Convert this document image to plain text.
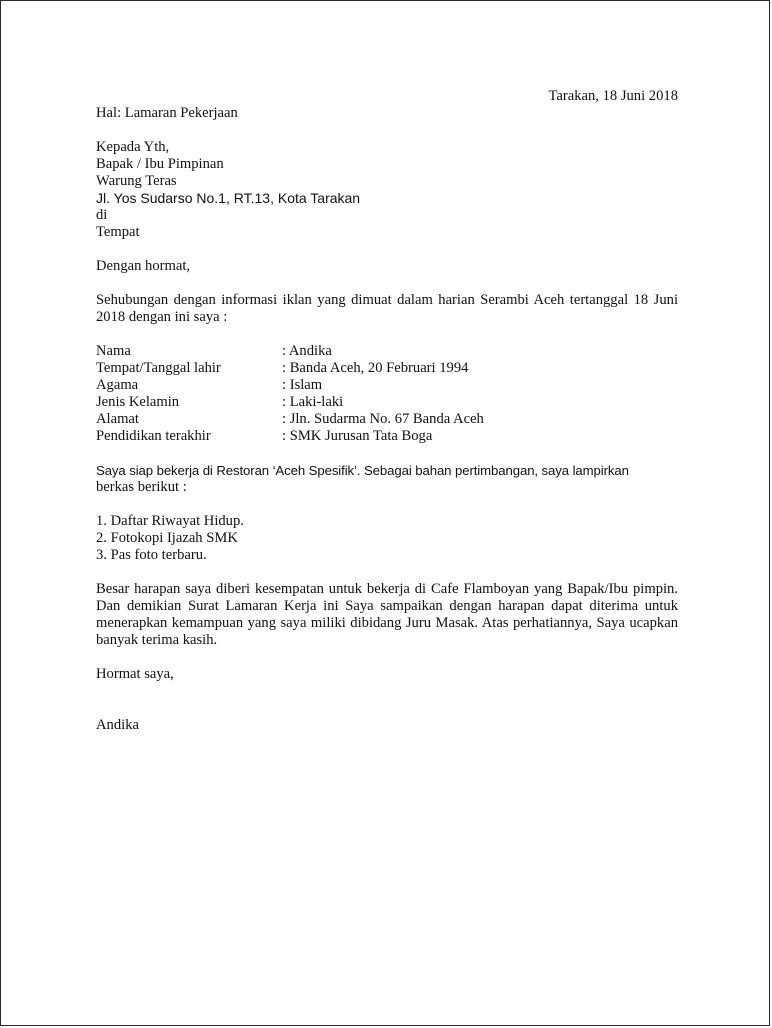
Tarakan, 18 Juni 2018

Hal: Lamaran Pekerjaan

Kepada Yth,

Bapak / Ibu Pimpinan

Warung Teras

Jl. Yos Sudarso No.1, RT.13, Kota Tarakan

di

Tempat

Dengan hormat,

Sehubungan dengan informasi iklan yang dimuat dalam harian Serambi Aceh tertanggal 18 Juni 2018 dengan ini saya :

Nama	: Andika
Tempat/Tanggal lahir	: Banda Aceh, 20 Februari 1994
Agama	: Islam
Jenis Kelamin	: Laki-laki
Alamat	: Jln. Sudarma No. 67 Banda Aceh
Pendidikan terakhir	: SMK Jurusan Tata Boga

Saya siap bekerja di Restoran ‘Aceh Spesifik’. Sebagai bahan pertimbangan, saya lampirkan

berkas berikut :

1. Daftar Riwayat Hidup.

2. Fotokopi Ijazah SMK

3. Pas foto terbaru.

Besar harapan saya diberi kesempatan untuk bekerja di Cafe Flamboyan yang Bapak/Ibu pimpin. Dan demikian Surat Lamaran Kerja ini Saya sampaikan dengan harapan dapat diterima untuk menerapkan kemampuan yang saya miliki dibidang Juru Masak. Atas perhatiannya, Saya ucapkan banyak terima kasih.

Hormat saya,

Andika
